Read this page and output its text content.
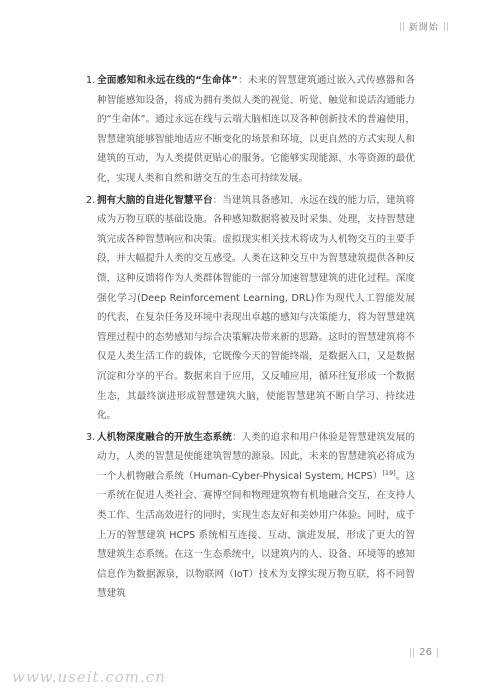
|| 新開始 ||

1. 全面感知和永远在线的“生命体”：未来的智慧建筑通过嵌入式传感器和各种智能感知设备，将成为拥有类似人类的视觉、听觉、触觉和说话沟通能力的“生命体”。通过永远在线与云端大脑相连以及各种创新技术的普遍使用，智慧建筑能够智能地适应不断变化的场景和环境，以更自然的方式实现人和建筑的互动，为人类提供更贴心的服务。它能够实现能源、水等资源的最优化，实现人类和自然和谐交互的生态可持续发展。

2. 拥有大脑的自进化智慧平台：当建筑具备感知、永远在线的能力后，建筑将成为万物互联的基础设施。各种感知数据将被及时采集、处理，支持智慧建筑完成各种智慧响应和决策。虚拟现实相关技术将成为人机物交互的主要手段，并大幅提升人类的交互感受。人类在这种交互中为智慧建筑提供各种反馈，这种反馈将作为人类群体智能的一部分加速智慧建筑的进化过程。深度强化学习(Deep Reinforcement Learning, DRL)作为现代人工智能发展的代表，在复杂任务及环境中表现出卓越的感知与决策能力，将为智慧建筑管理过程中的态势感知与综合决策解决带来新的思路。这时的智慧建筑将不仅是人类生活工作的载体，它既像今天的智能终端，是数据入口，又是数据沉淀和分享的平台。数据来自于应用，又反哺应用，循环往复形成一个数据生态，其最终演进形成智慧建筑大脑，使能智慧建筑不断自学习、持续进化。

3. 人机物深度融合的开放生态系统：人类的追求和用户体验是智慧建筑发展的动力，人类的智慧是使能建筑智慧的源泉。因此，未来的智慧建筑必将成为一个人机物融合系统（Human-Cyber-Physical System, HCPS）[19]。这一系统在促进人类社会、赛博空间和物理建筑物有机地融合交互，在支持人类工作、生活高效进行的同时，实现生态友好和美妙用户体验。同时，成千上万的智慧建筑 HCPS 系统相互连接、互动、演进发展，形成了更大的智慧建筑生态系统。在这一生态系统中，以建筑内的人、设备、环境等的感知信息作为数据源泉，以物联网（IoT）技术为支撑实现万物互联，将不同智慧建筑

|| 26 |
www.useit.com.cn
